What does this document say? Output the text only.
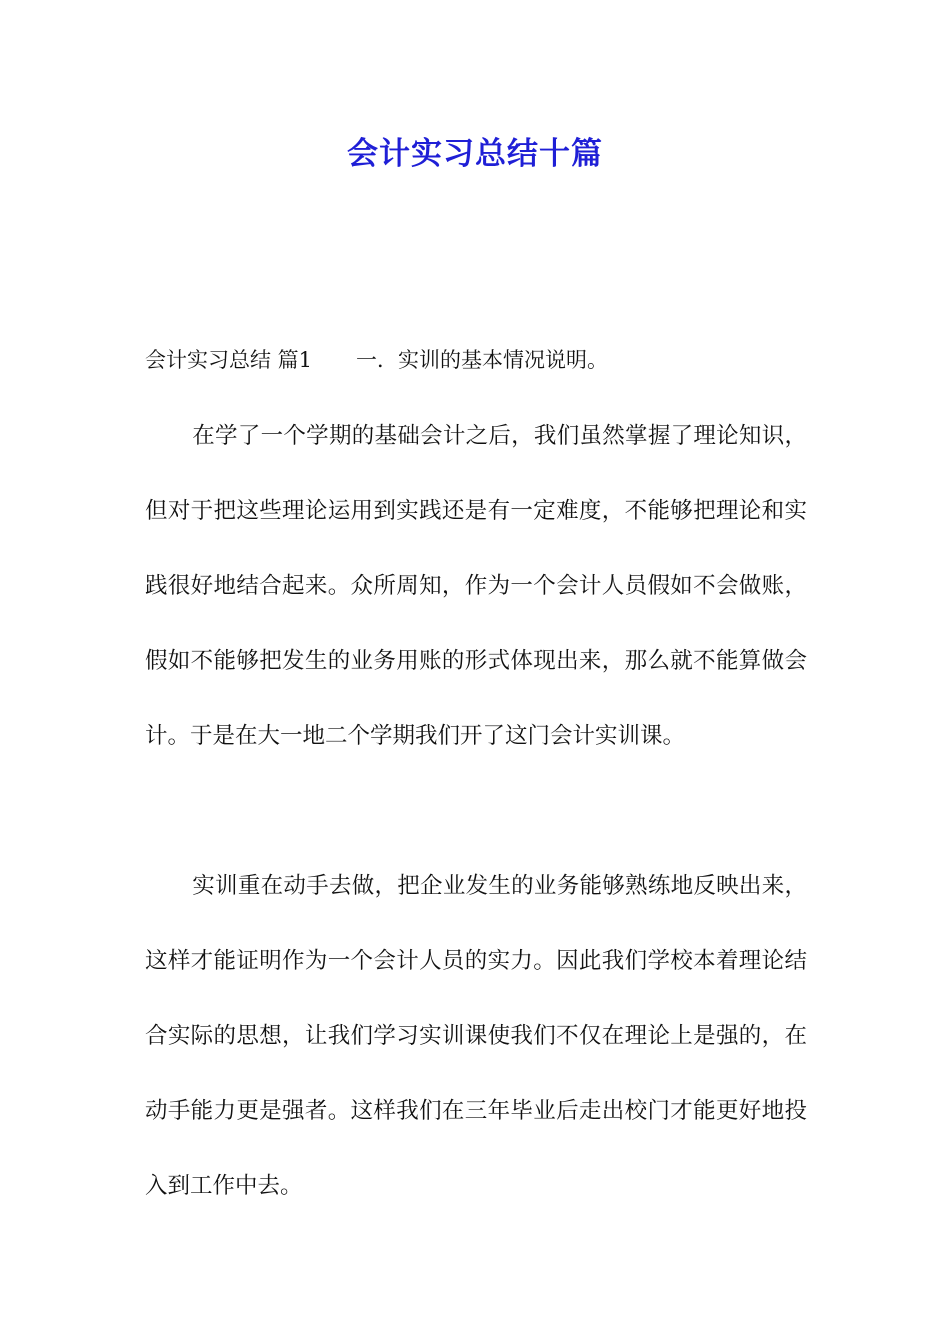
会计实习总结十篇
会计实习总结 篇1 一．实训的基本情况说明。

在学了一个学期的基础会计之后，我们虽然掌握了理论知识，但对于把这些理论运用到实践还是有一定难度，不能够把理论和实践很好地结合起来。众所周知，作为一个会计人员假如不会做账，假如不能够把发生的业务用账的形式体现出来，那么就不能算做会计。于是在大一地二个学期我们开了这门会计实训课。

实训重在动手去做，把企业发生的业务能够熟练地反映出来，这样才能证明作为一个会计人员的实力。因此我们学校本着理论结合实际的思想，让我们学习实训课使我们不仅在理论上是强的，在动手能力更是强者。这样我们在三年毕业后走出校门才能更好地投入到工作中去。
